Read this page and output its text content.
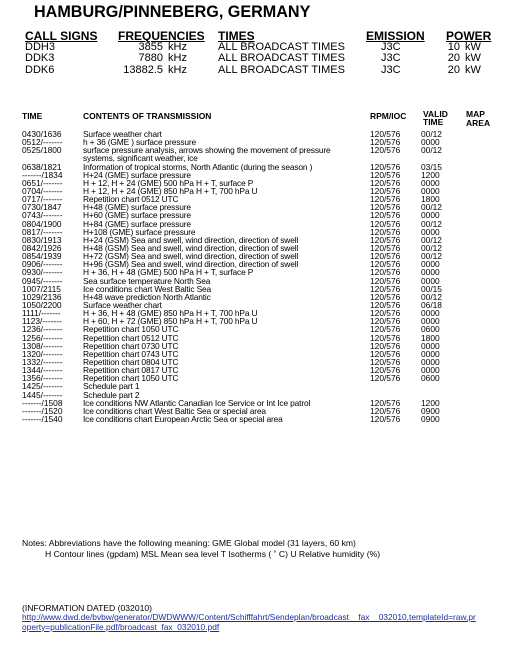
HAMBURG/PINNEBERG, GERMANY
CALL SIGNS FREQUENCIES TIMES	EMISSION POWER
DDH3	3855 kHz	ALL BROADCAST TIMES	J3C	10 kW
DDK3	7880 kHz	ALL BROADCAST TIMES	J3C	20 kW
DDK6	13882.5 kHz	ALL BROADCAST TIMES	J3C	20 kW
TIME	CONTENTS OF TRANSMISSION	RPM/IOC VALID
TIME
MAP
AREA
0430/1636	Surface weather chart	120/576 00/12
0512/------- h + 36 (GME ) surface pressure	120/576 0000
0525/1800	surface pressure analysis, arrows showing the movement of pressure	120/576 00/12
systems, significant weather, ice
0638/1821	Information of tropical storms, North Atlantic (during the season )	120/576 03/15
-------/1834 H+24 (GME) surface pressure	120/576 1200
0651/------- H + 12, H + 24 (GME) 500 hPa H + T, surface P	120/576 0000
0704/------- H + 12, H + 24 (GME) 850 hPa H + T, 700 hPa U	120/576 0000
0717/------- Repetition chart 0512 UTC	120/576 1800
0730/1847	H+48 (GME) surface pressure	120/576 00/12
0743/------- H+60 (GME) surface pressure	120/576 0000
0804/1900	H+84 (GME) surface pressure	120/576 00/12
0817/------- H+108 (GME) surface pressure	120/576 0000
0830/1913	H+24 (GSM) Sea and swell, wind direction, direction of swell	120/576 00/12
0842/1926	H+48 (GSM) Sea and swell, wind direction, direction of swell	120/576 00/12
0854/1939	H+72 (GSM) Sea and swell, wind direction, direction of swell	120/576 00/12
0906/------- H+96 (GSM) Sea and swell, wind direction, direction of swell	120/576 0000
0930/------- H + 36, H + 48 (GME) 500 hPa H + T, surface P	120/576 0000
0945/------- Sea surface temperature North Sea	120/576 0000
1007/2115	Ice conditions chart West Baltic Sea	120/576 00/15
1029/2136	H+48 wave prediction North Atlantic	120/576 00/12
1050/2200	Surface weather chart	120/576 06/18
1111/-------	H + 36, H + 48 (GME) 850 hPa H + T, 700 hPa U	120/576 0000
1123/-------	H + 60, H + 72 (GME) 850 hPa H + T, 700 hPa U	120/576 0000
1236/------- Repetition chart 1050 UTC	120/576 0600
1256/------- Repetition chart 0512 UTC	120/576 1800
1308/------- Repetition chart 0730 UTC	120/576 0000
1320/------- Repetition chart 0743 UTC	120/576 0000
1332/------- Repetition chart 0804 UTC	120/576 0000
1344/------- Repetition chart 0817 UTC	120/576 0000
1356/------- Repetition chart 1050 UTC	120/576 0600
1425/------- Schedule part 1
1445/------- Schedule part 2
-------/1508 Ice conditions NW Atlantic Canadian Ice Service or Int Ice patrol	120/576 1200
-------/1520 Ice conditions chart West Baltic Sea or special area	120/576 0900
-------/1540 Ice conditions chart European Arctic Sea or special area	120/576 0900
Notes: Abbreviations have the following meaning: GME Global model (31 layers, 60 km)
H Contour lines (gpdam) MSL Mean sea level T Isotherms ( ˚ C) U Relative humidity (%)
(INFORMATION DATED (032010)
http://www.dwd.de/bvbw/generator/DWDWWW/Content/Schifffahrt/Sendeplan/broadcast__fax__032010,templateId=raw,pr
operty=publicationFile.pdf/broadcast_fax_032010.pdf
